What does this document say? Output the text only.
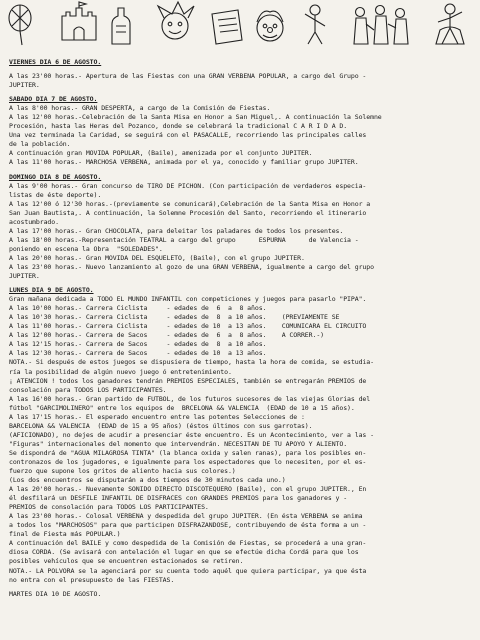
VIERNES DIA 6 DE AGOSTO.
A las 23'00 horas.- Apertura de las Fiestas con una GRAN VERBENA POPULAR, a cargo del Grupo -
JUPITER.
SABADO DIA 7 DE AGOSTO.
A las 8'00 horas.- GRAN DESPERTA, a cargo de la Comisión de Fiestas.
A las 12'00 horas.-Celebración de la Santa Misa en Honor a San Miguel,. A continuación la Solemne
Procesión, hasta las Heras del Pozanco, donde se celebrará la tradicional C A R I D A D.
Una vez terminada la Caridad, se seguirá con el PASACALLE, recorriendo las principales calles
de la población.
A continuación gran MOVIDA POPULAR, (Baile), amenizada por el conjunto JUPITER.
A las 11'00 horas.- MARCHOSA VERBENA, animada por el ya, conocido y familiar grupo JUPITER.
DOMINGO DIA 8 DE AGOSTO.
A las 9'00 horas.- Gran concurso de TIRO DE PICHON. (Con participación de verdaderos especia-
listas de éste deporte).
A las 12'00 ó 12'30 horas.-(previamente se comunicará),Celebración de la Santa Misa en Honor a
San Juan Bautista,. A continuación, la Solemne Procesión del Santo, recorriendo el itinerario
acostumbrado.
A las 17'00 horas.- Gran CHOCOLATA, para deleitar los paladares de todos los presentes.
A las 18'00 horas.-Representación TEATRAL a cargo del grupo      ESPURNA      de Valencia -
poniendo en escena la Obra  "SOLEDADES".
A las 20'00 horas.- Gran MOVIDA DEL ESQUELETO, (Baile), con el grupo JUPITER.
A las 23'00 horas.- Nuevo lanzamiento al gozo de una GRAN VERBENA, igualmente a cargo del grupo
JUPITER.
LUNES DIA 9 DE AGOSTO.
Gran mañana dedicada a TODO EL MUNDO INFANTIL con competiciones y juegos para pasarlo "PIPA".
A las 10'00 horas.- Carrera Ciclista     - edades de  6  a  8 años.
A las 10'30 horas.- Carrera Ciclista     - edades de  8  a 10 años.    (PREVIAMENTE SE
A las 11'00 horas.- Carrera Ciclista     - edades de 10  a 13 años.    COMUNICARA EL CIRCUITO
A las 12'00 horas.- Carrera de Sacos     - edades de  6  a  8 años.    A CORRER.-)
A las 12'15 horas.- Carrera de Sacos     - edades de  8  a 10 años.
A las 12'30 horas.- Carrera de Sacos     - edades de 10  a 13 años.
NOTA.- Si después de estos juegos se dispusiera de tiempo, hasta la hora de comida, se estudia-
ría la posibilidad de algún nuevo juego ó entretenimiento.
¡ ATENCION ! todos los ganadores tendrán PREMIOS ESPECIALES, también se entregarán PREMIOS de
consolación para TODOS LOS PARTICIPANTES.
A las 16'00 horas.- Gran partido de FUTBOL, de los futuros sucesores de las viejas Glorias del
fútbol "GARCIMOLINERO" entre los equipos de  BRCELONA && VALENCIA  (EDAD de 10 a 15 años).
A las 17'15 horas.- El esperado encuentro entre las potentes Selecciones de :
BARCELONA && VALENCIA  (EDAD de 15 a 95 años) (éstos últimos con sus garrotas).
(AFICIONADO), no dejes de acudir a presenciar éste encuentro. Es un Acontecimiento, ver a las -
"Figuras" internacionales del momento que intervendrán. NECESITAN DE TU APOYO Y ALIENTO.
Se dispondrá de "AGUA MILAGROSA TINTA" (la blanca oxida y salen ranas), para los posibles en-
contronazos de los jugadores, e igualmente para los espectadores que lo necesiten, por el es-
fuerzo que supone los gritos de aliento hacia sus colores.)
(Los dos encuentros se disputarán a dos tiempos de 30 minutos cada uno.)
A las 20'00 horas.- Nuevamente SONIDO DIRECTO DISCOTEQUERO (Baile), con el grupo JUPITER., En
él desfilará un DESFILE INFANTIL DE DISFRACES con GRANDES PREMIOS para los ganadores y -
PREMIOS de consolación para TODOS LOS PARTICIPANTES.
A las 23'00 horas.- Colosal VERBENA y despedida del grupo JUPITER. (En ésta VERBENA se anima
a todos los "MARCHOSOS" para que participen DISFRAZANDOSE, contribuyendo de ésta forma a un -
final de Fiesta más POPULAR.)
A continuación del BAILE y como despedida de la Comisión de Fiestas, se procederá a una gran-
diosa CORDA. (Se avisará con antelación el lugar en que se efectúe dicha Cordá para que los
posibles vehículos que se encuentren estacionados se retiren.
NOTA.- LA POLVORA se la agenciará por su cuenta todo aquél que quiera participar, ya que ésta
no entra con el presupuesto de las FIESTAS.
MARTES DIA 10 DE AGOSTO.
